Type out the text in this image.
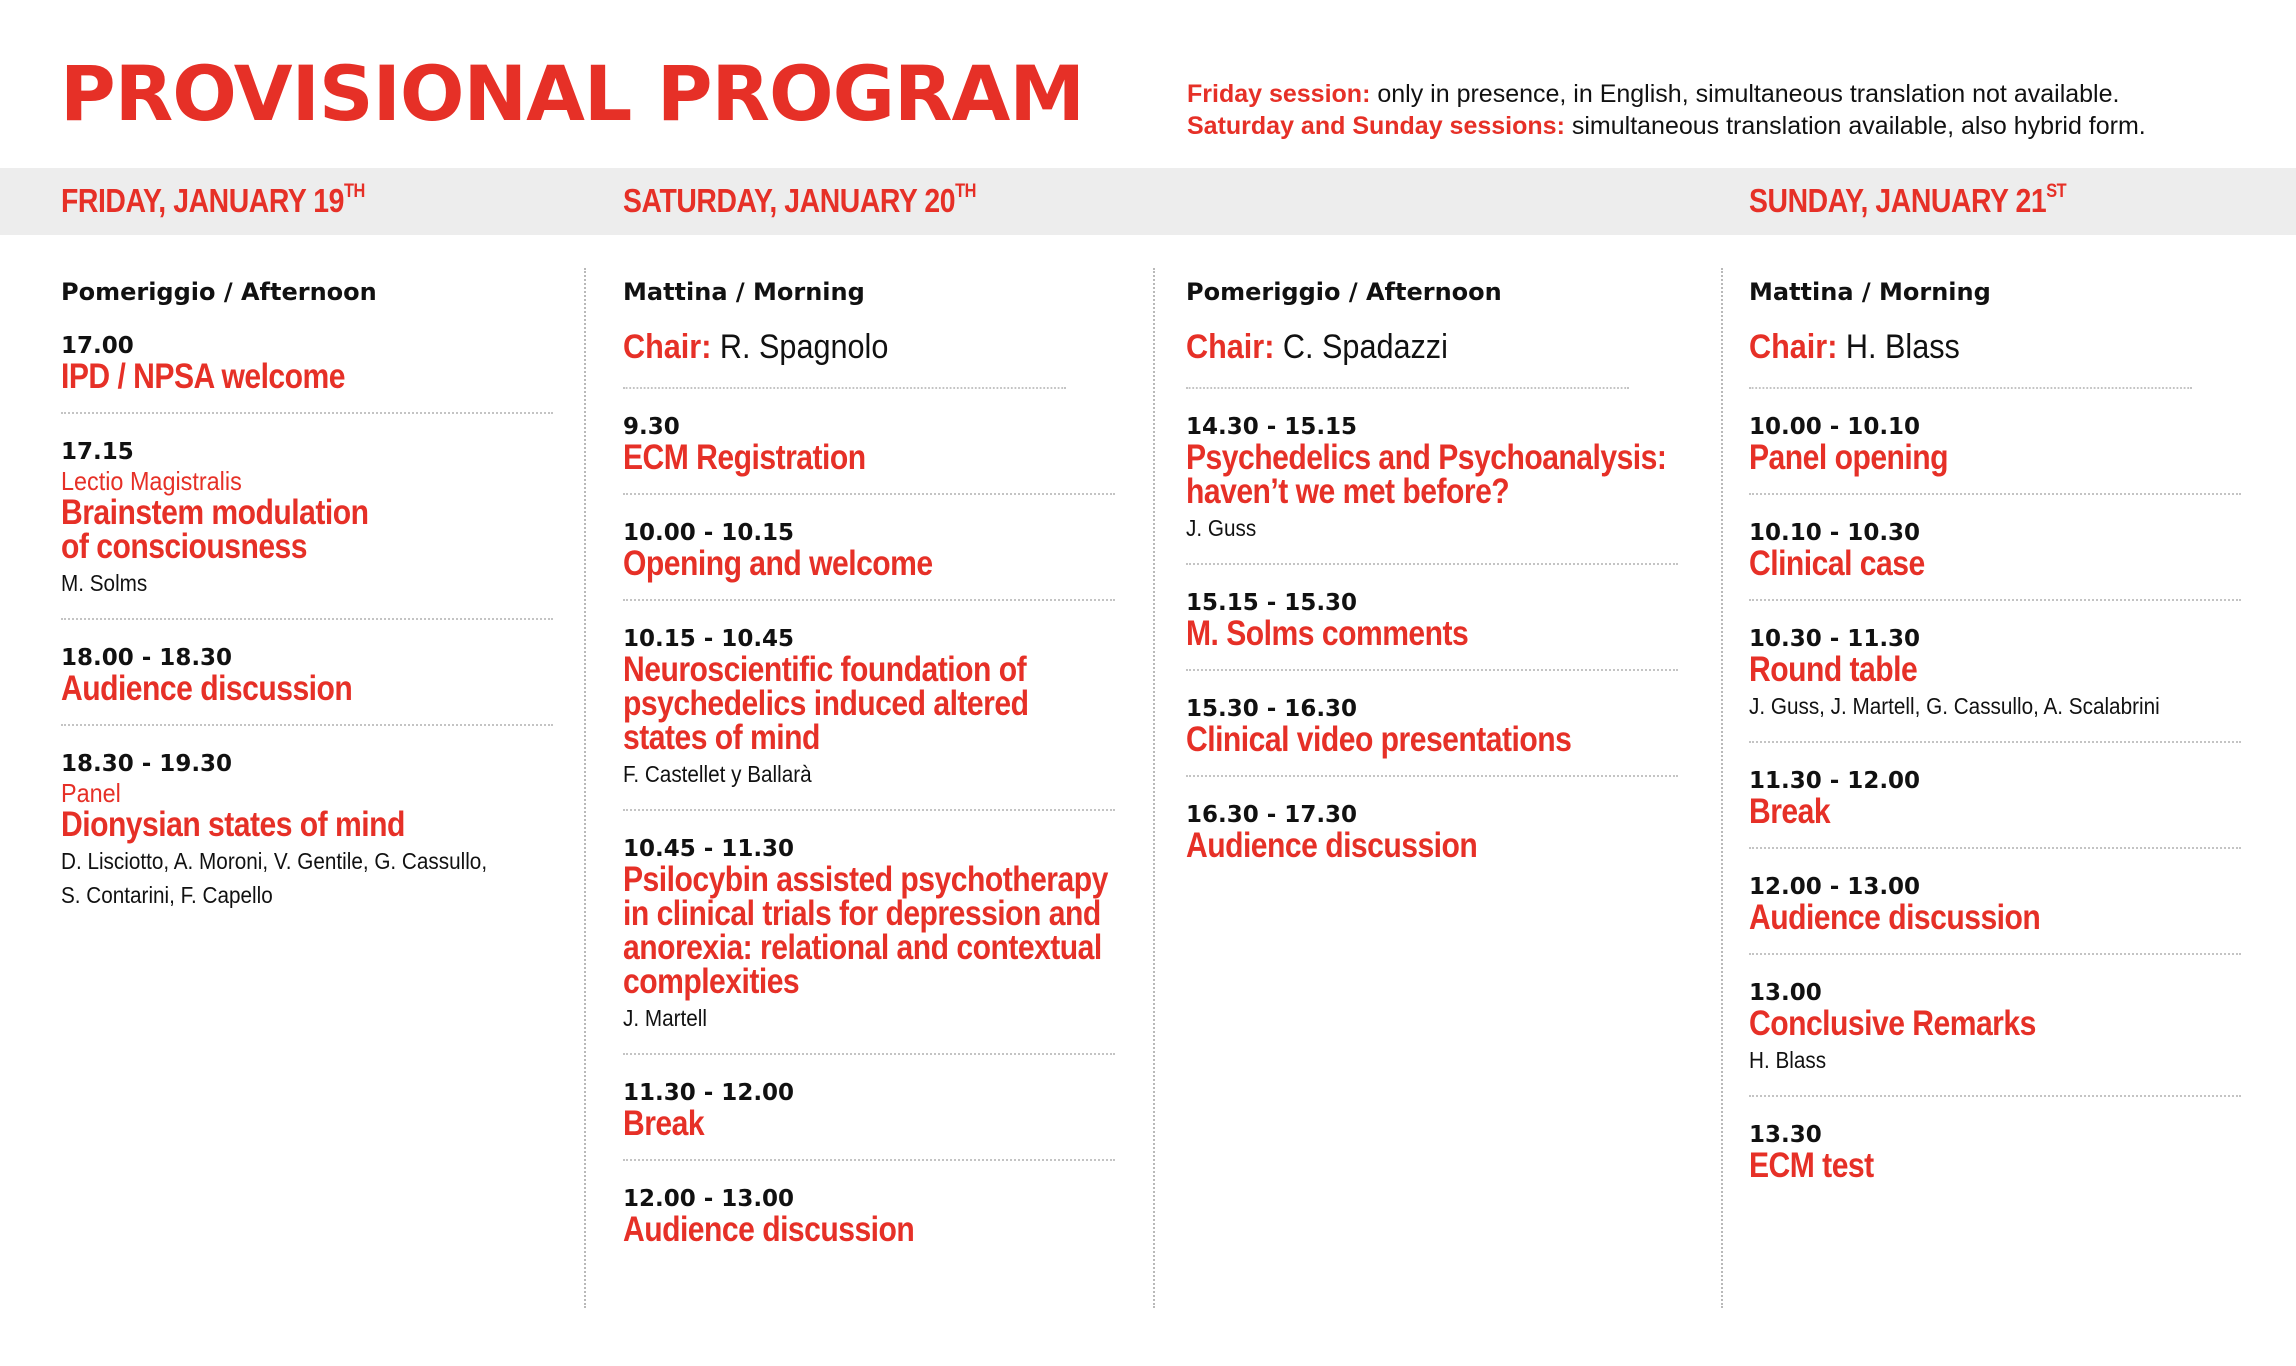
PROVISIONAL PROGRAM	Friday session: only in presence, in English, simultaneous translation not available.
Saturday and Sunday sessions: simultaneous translation available, also hybrid form.
FRIDAY, JANUARY 19TH	SATURDAY, JANUARY 20TH	SUNDAY, JANUARY 21ST
Pomeriggio / Afternoon
17.00
IPD / NPSA welcome
17.15
Lectio Magistralis
Brainstem modulation
of consciousness
M. Solms
18.00 - 18.30
Audience discussion
18.30 - 19.30
Panel
Dionysian states of mind
D. Lisciotto, A. Moroni, V. Gentile, G. Cassullo,
S. Contarini, F. Capello
Mattina / Morning
Chair: R. Spagnolo
9.30
ECM Registration
10.00 - 10.15
Opening and welcome
10.15 - 10.45
Neuroscientific foundation of
psychedelics induced altered
states of mind
F. Castellet y Ballarà
10.45 - 11.30
Psilocybin assisted psychotherapy
in clinical trials for depression and
anorexia: relational and contextual
complexities
J. Martell
11.30 - 12.00
Break
12.00 - 13.00
Audience discussion
Pomeriggio / Afternoon
Chair: C. Spadazzi
14.30 - 15.15
Psychedelics and Psychoanalysis:
haven’t we met before?
J. Guss
15.15 - 15.30
M. Solms comments
15.30 - 16.30
Clinical video presentations
16.30 - 17.30
Audience discussion
Mattina / Morning
Chair: H. Blass
10.00 - 10.10
Panel opening
10.10 - 10.30
Clinical case
10.30 - 11.30
Round table
J. Guss, J. Martell, G. Cassullo, A. Scalabrini
11.30 - 12.00
Break
12.00 - 13.00
Audience discussion
13.00
Conclusive Remarks
H. Blass
13.30
ECM test
